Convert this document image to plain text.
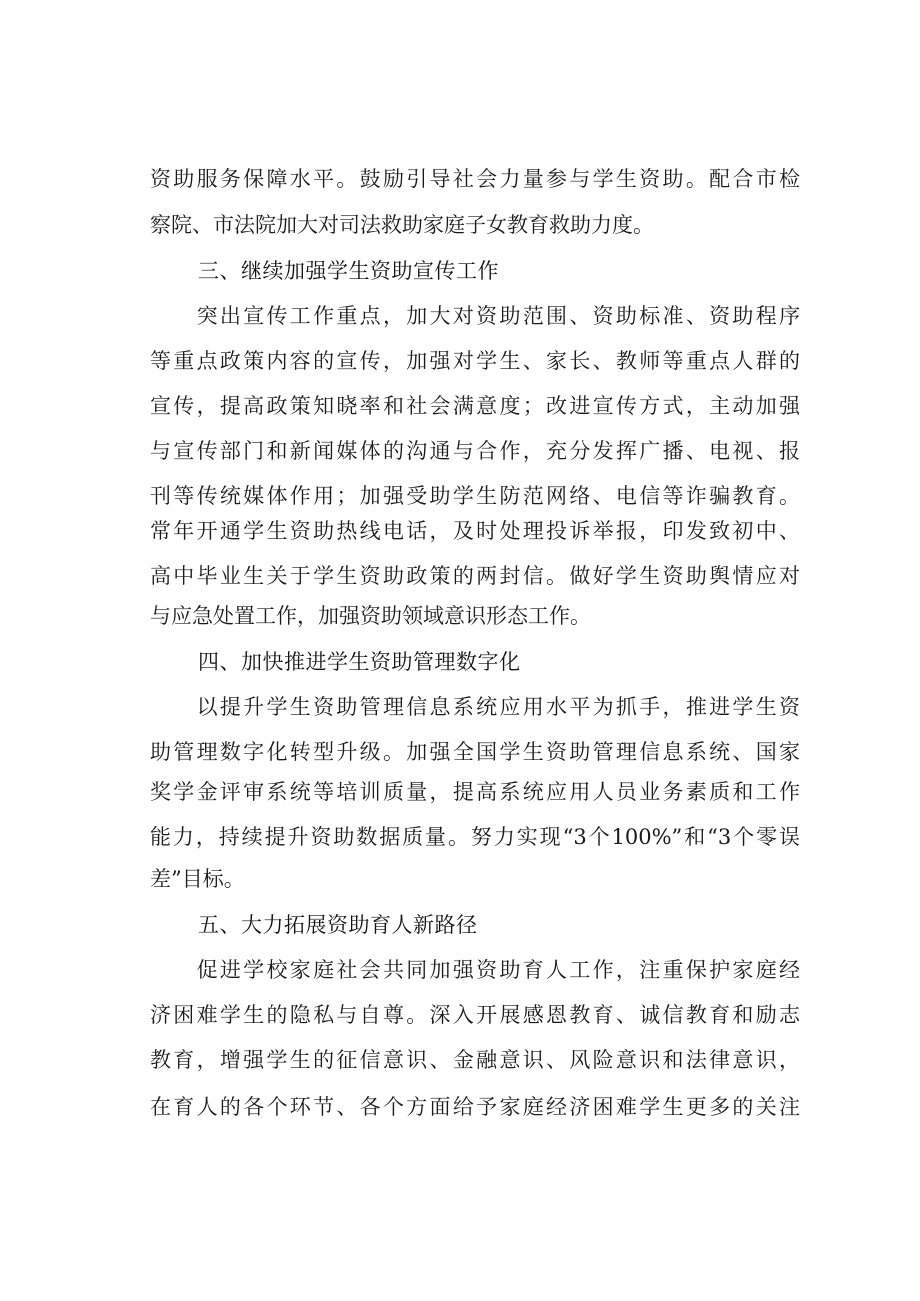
资助服务保障水平。鼓励引导社会力量参与学生资助。配合市检
察院、市法院加大对司法救助家庭子女教育救助力度。
三、继续加强学生资助宣传工作
　　突出宣传工作重点，加大对资助范围、资助标准、资助程序
等重点政策内容的宣传，加强对学生、家长、教师等重点人群的
宣传，提高政策知晓率和社会满意度；改进宣传方式，主动加强
与宣传部门和新闻媒体的沟通与合作，充分发挥广播、电视、报
刊等传统媒体作用；加强受助学生防范网络、电信等诈骗教育。
常年开通学生资助热线电话，及时处理投诉举报，印发致初中、
高中毕业生关于学生资助政策的两封信。做好学生资助舆情应对
与应急处置工作，加强资助领域意识形态工作。
四、加快推进学生资助管理数字化
　　以提升学生资助管理信息系统应用水平为抓手，推进学生资
助管理数字化转型升级。加强全国学生资助管理信息系统、国家
奖学金评审系统等培训质量，提高系统应用人员业务素质和工作
能力，持续提升资助数据质量。努力实现“3个100%”和“3个零误
差”目标。
五、大力拓展资助育人新路径
　　促进学校家庭社会共同加强资助育人工作，注重保护家庭经
济困难学生的隐私与自尊。深入开展感恩教育、诚信教育和励志
教育，增强学生的征信意识、金融意识、风险意识和法律意识，
在育人的各个环节、各个方面给予家庭经济困难学生更多的关注
